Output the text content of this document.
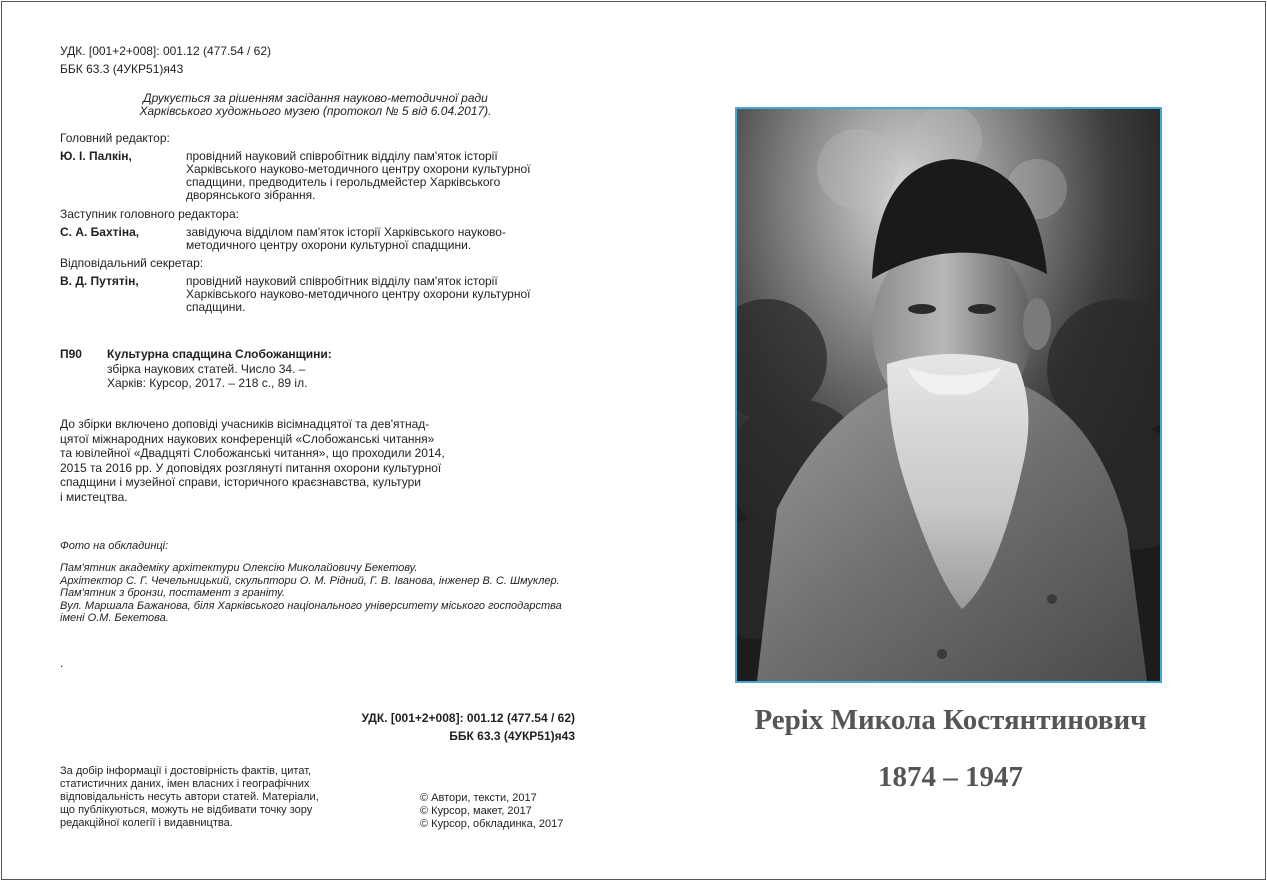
УДК. [001+2+008]: 001.12 (477.54 / 62)
ББК 63.3 (4УКР51)я43
Друкується за рішенням засідання науково-методичної ради
Харківського художнього музею (протокол № 5 від 6.04.2017).
Головний редактор:
Ю. І. Палкін,	провідний науковий співробітник відділу пам'яток історії
Харківського науково-методичного центру охорони культурної
спадщини, предводитель і герольдмейстер Харківського
дворянського зібрання.
Заступник головного редактора:
С. А. Бахтіна,	завідуюча відділом пам'яток історії Харківського науково-
методичного центру охорони культурної спадщини.
Відповідальний секретар:
В. Д. Путятін,	провідний науковий співробітник відділу пам'яток історії
Харківського науково-методичного центру охорони культурної
спадщини.
П90 Культурна спадщина Слобожанщини:
збірка наукових статей. Число 34. –
Харків: Курсор, 2017. – 218 с., 89 іл.
До збірки включено доповіді учасників вісімнадцятої та дев'ятнад-
цятої міжнародних наукових конференцій «Слобожанські читання»
та ювілейної «Двадцяті Слобожанські читання», що проходили 2014,
2015 та 2016 рр. У доповідях розглянуті питання охорони культурної
спадщини і музейної справи, історичного краєзнавства, культури
і мистецтва.
Фото на обкладинці:
Пам'ятник академіку архітектури Олексію Миколайовичу Бекетову.
Архітектор С. Г. Чечельницький, скульптори О. М. Рідний, Г. В. Іванова, інженер В. С. Шмуклер.
Пам'ятник з бронзи, постамент з граніту.
Вул. Маршала Бажанова, біля Харківського національного університету міського господарства
імені О.М. Бекетова.
.
УДК. [001+2+008]: 001.12 (477.54 / 62)
ББК 63.3 (4УКР51)я43
За добір інформації і достовірність фактів, цитат,
статистичних даних, імен власних і географічних
відповідальність несуть автори статей. Матеріали,
що публікуються, можуть не відбивати точку зору
редакційної колегії і видавництва.
© Автори, тексти, 2017
© Курсор, макет, 2017
© Курсор, обкладинка, 2017
Реріх Микола Костянтинович
1874 – 1947
